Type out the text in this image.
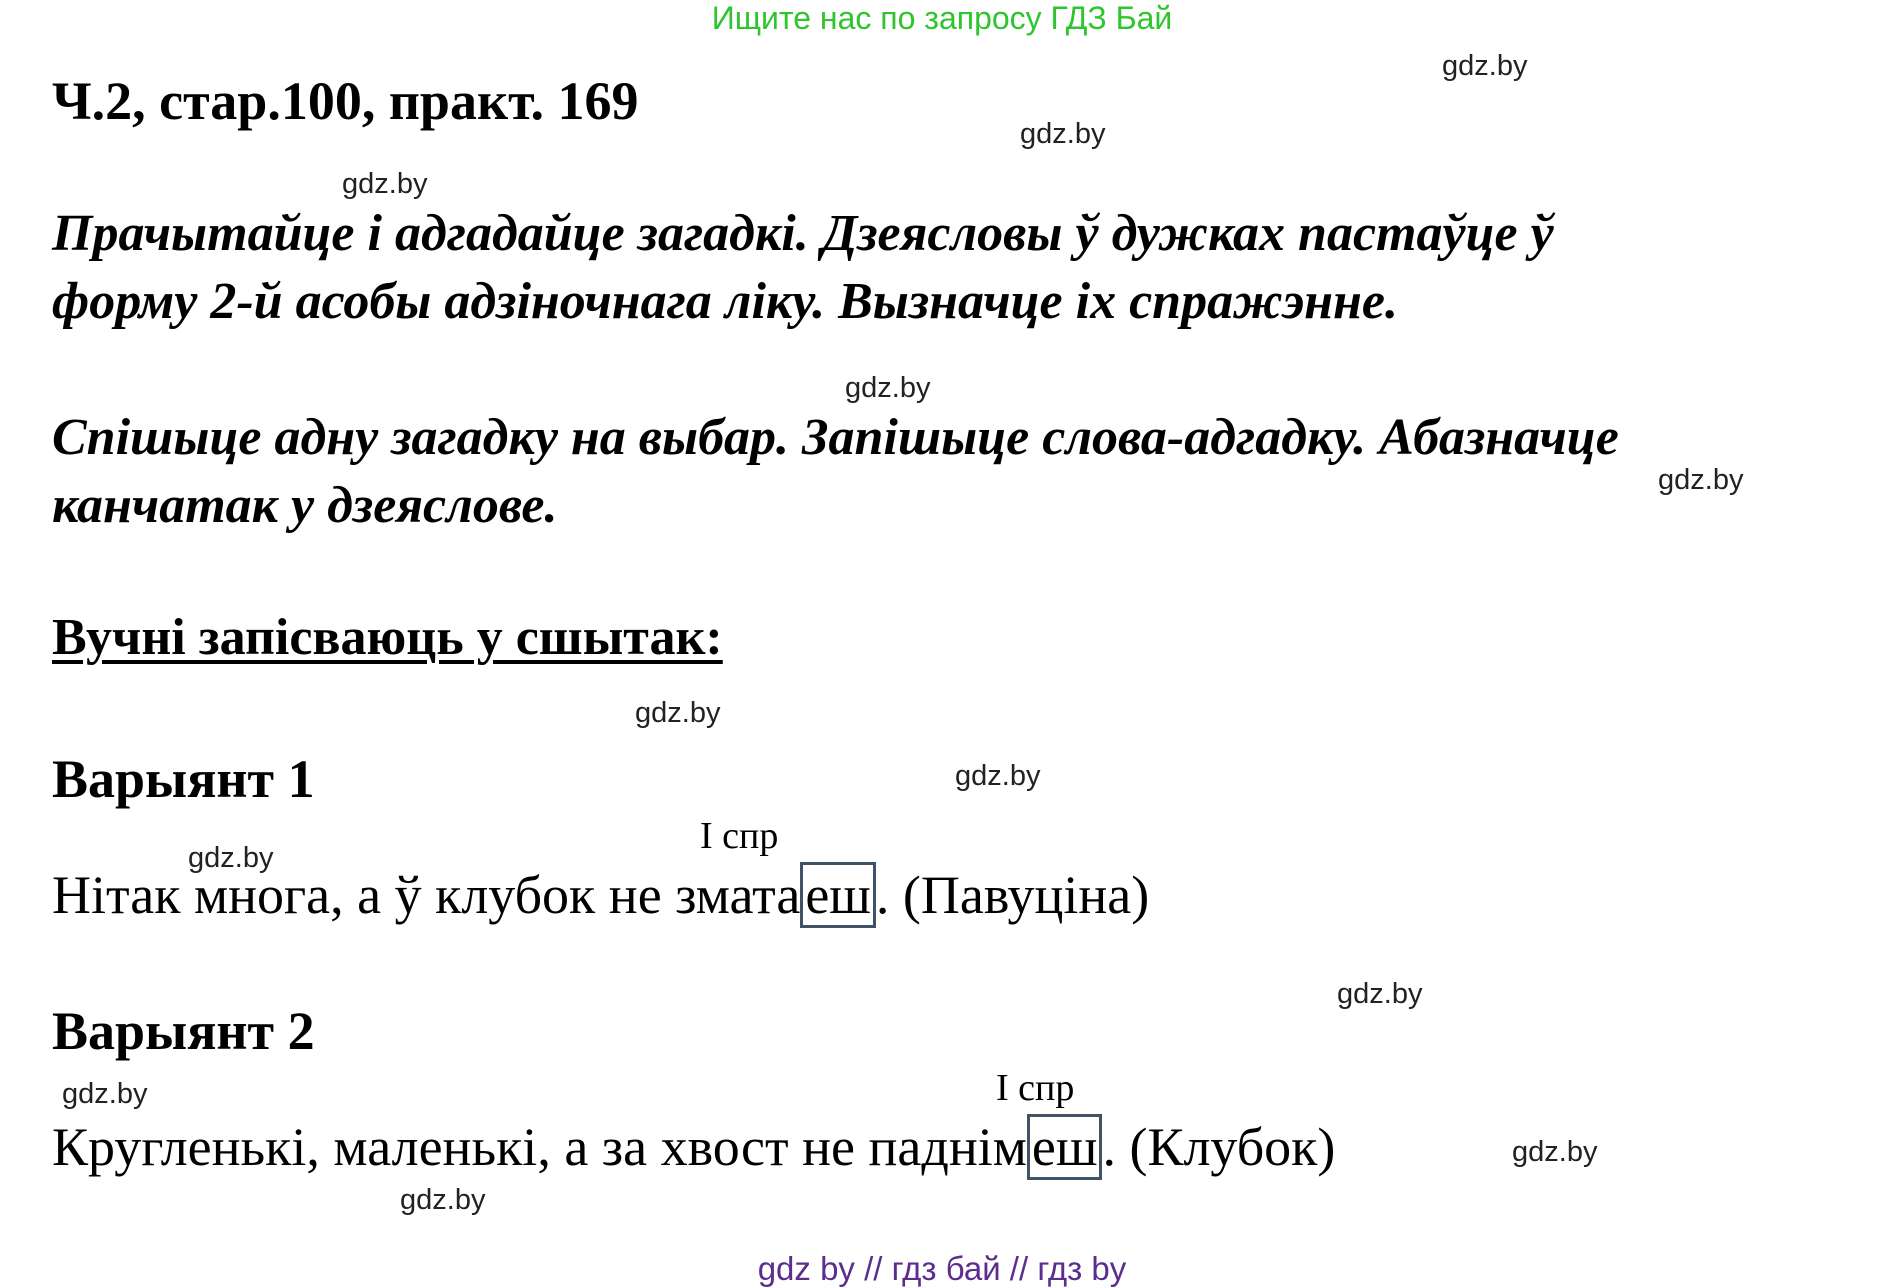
Ищите нас по запросу ГДЗ Бай
gdz.by
gdz.by
gdz.by
gdz.by
gdz.by
gdz.by
gdz.by
gdz.by
gdz.by
gdz.by
gdz.by
gdz.by
Ч.2, стар.100, практ. 169
Прачытайце і адгадайце загадкі. Дзеясловы ў дужках пастаўце ў
форму 2-й асобы адзіночнага ліку. Вызначце іх спражэнне.
Спішыце адну загадку на выбар. Запішыце слова-адгадку. Абазначце
канчатак у дзеяслове.
Вучні запісваюць у сшытак:
Варыянт 1
I спр
Нітак многа, а ў клубок не зматаеш. (Павуціна)
Варыянт 2
I спр
Кругленькі, маленькі, а за хвост не паднімеш. (Клубок)
gdz by // гдз бай // гдз by
